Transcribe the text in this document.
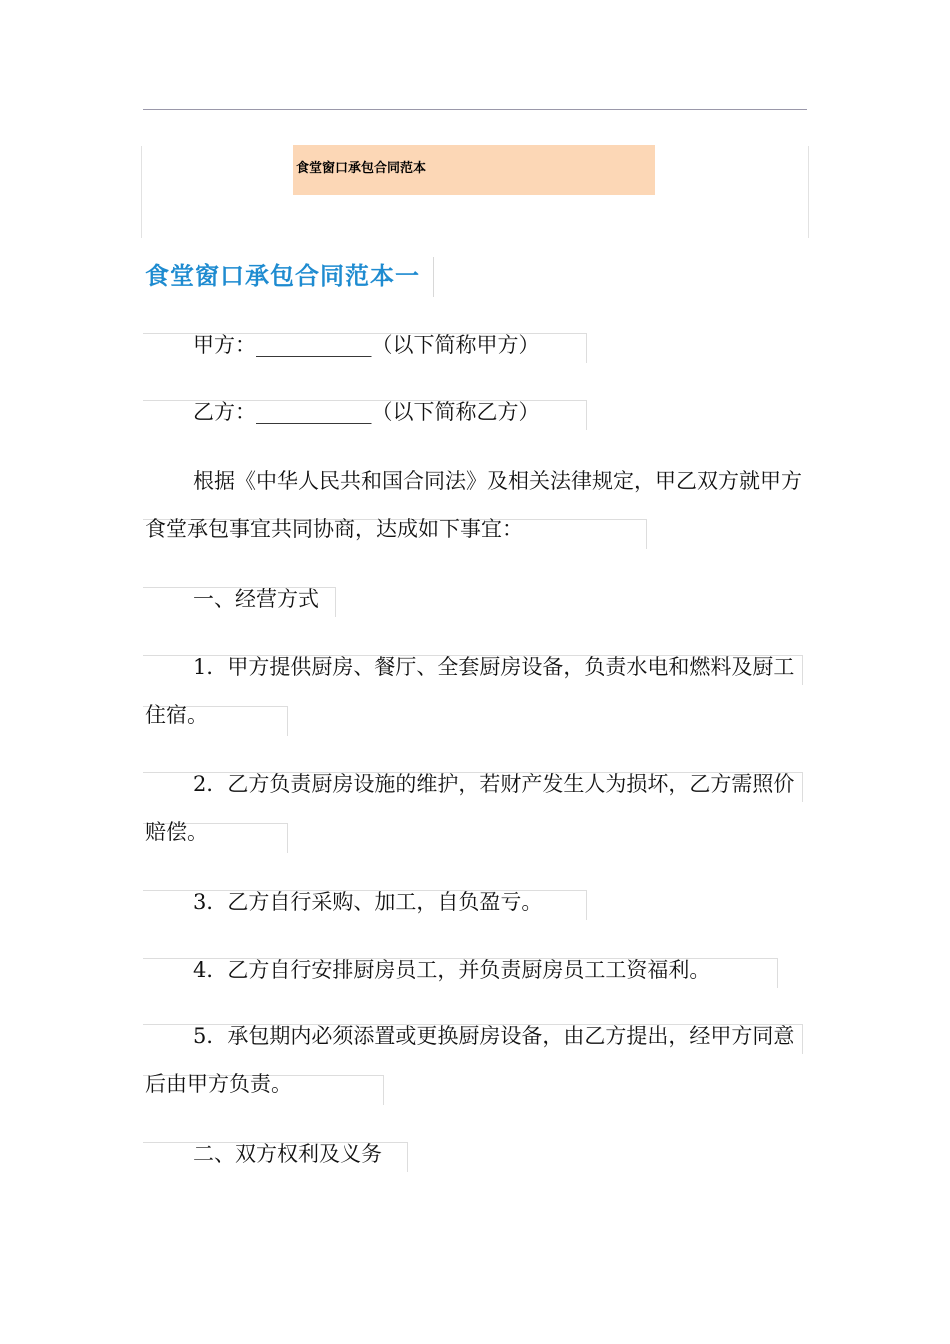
食堂窗口承包合同范本
食堂窗口承包合同范本一
甲方：___________（以下简称甲方）
乙方：___________（以下简称乙方）
根据《中华人民共和国合同法》及相关法律规定，甲乙双方就甲方食堂承包事宜共同协商，达成如下事宜：
一、经营方式
1．甲方提供厨房、餐厅、全套厨房设备，负责水电和燃料及厨工住宿。
2．乙方负责厨房设施的维护，若财产发生人为损坏，乙方需照价赔偿。
3．乙方自行采购、加工，自负盈亏。
4．乙方自行安排厨房员工，并负责厨房员工工资福利。
5．承包期内必须添置或更换厨房设备，由乙方提出，经甲方同意后由甲方负责。
二、双方权利及义务
